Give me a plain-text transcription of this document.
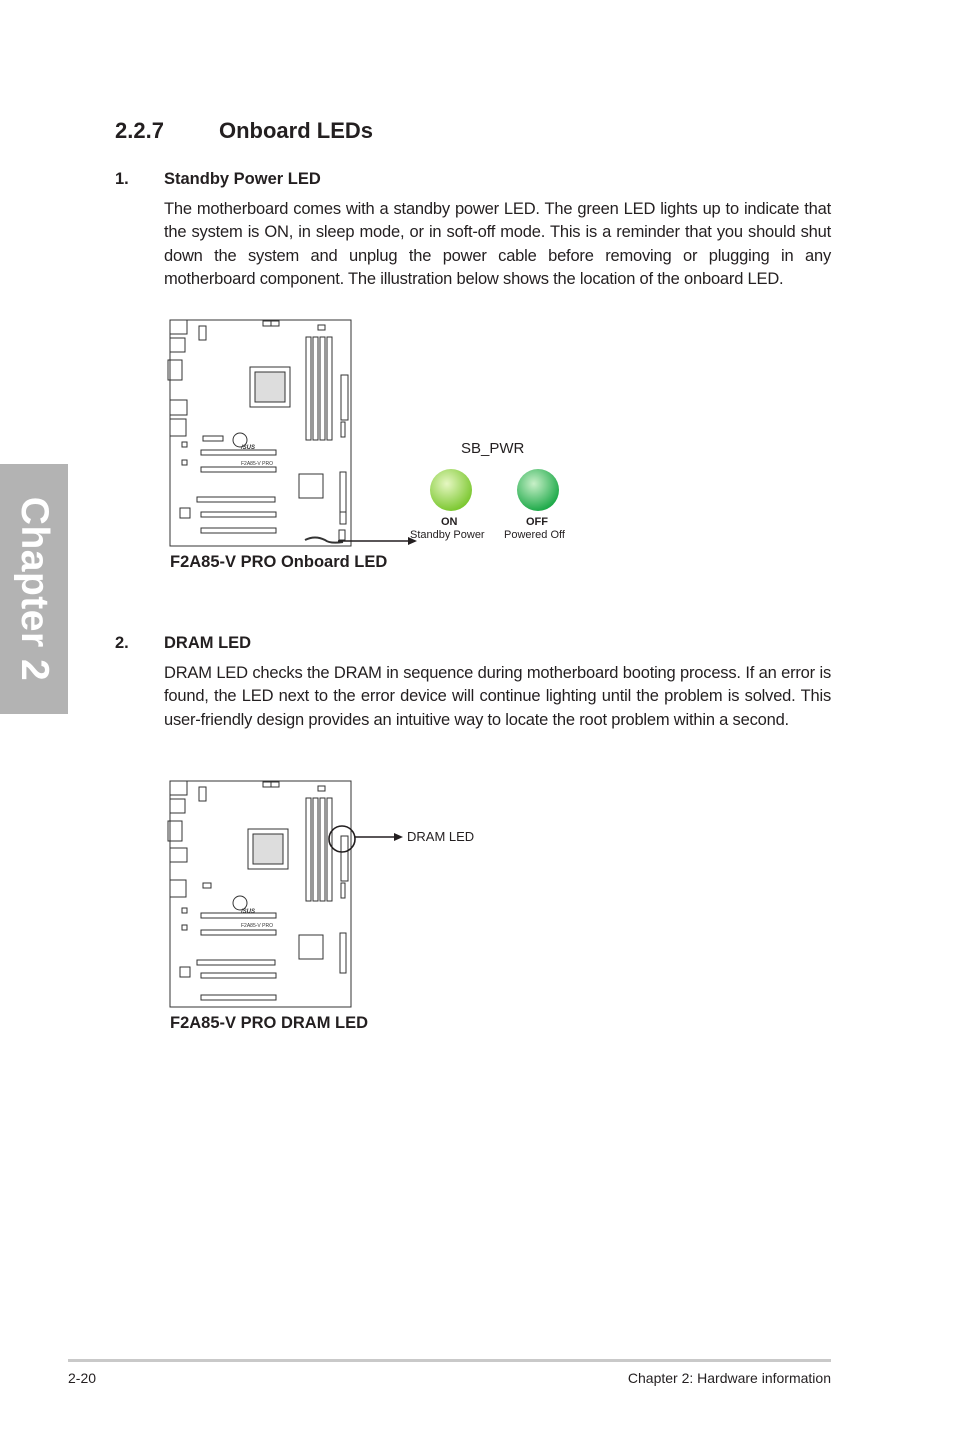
Chapter 2
2.2.7	Onboard LEDs
1. Standby Power LED

The motherboard comes with a standby power LED. The green LED lights up to indicate that the system is ON, in sleep mode, or in soft-off mode. This is a reminder that you should shut down the system and unplug the power cable before removing or plugging in any motherboard component. The illustration below shows the location of the onboard LED.

/SUS
F2A85-V PRO
SB_PWR
ON
Standby Power
OFF
Powered Off
F2A85-V PRO Onboard LED
2. DRAM LED

DRAM LED checks the DRAM in sequence during motherboard booting process. If an error is found, the LED next to the error device will continue lighting until the problem is solved. This user-friendly design provides an intuitive way to locate the root problem within a second.

/SUS
F2A85-V PRO
DRAM LED
F2A85-V PRO DRAM LED
2-20	Chapter 2: Hardware information
